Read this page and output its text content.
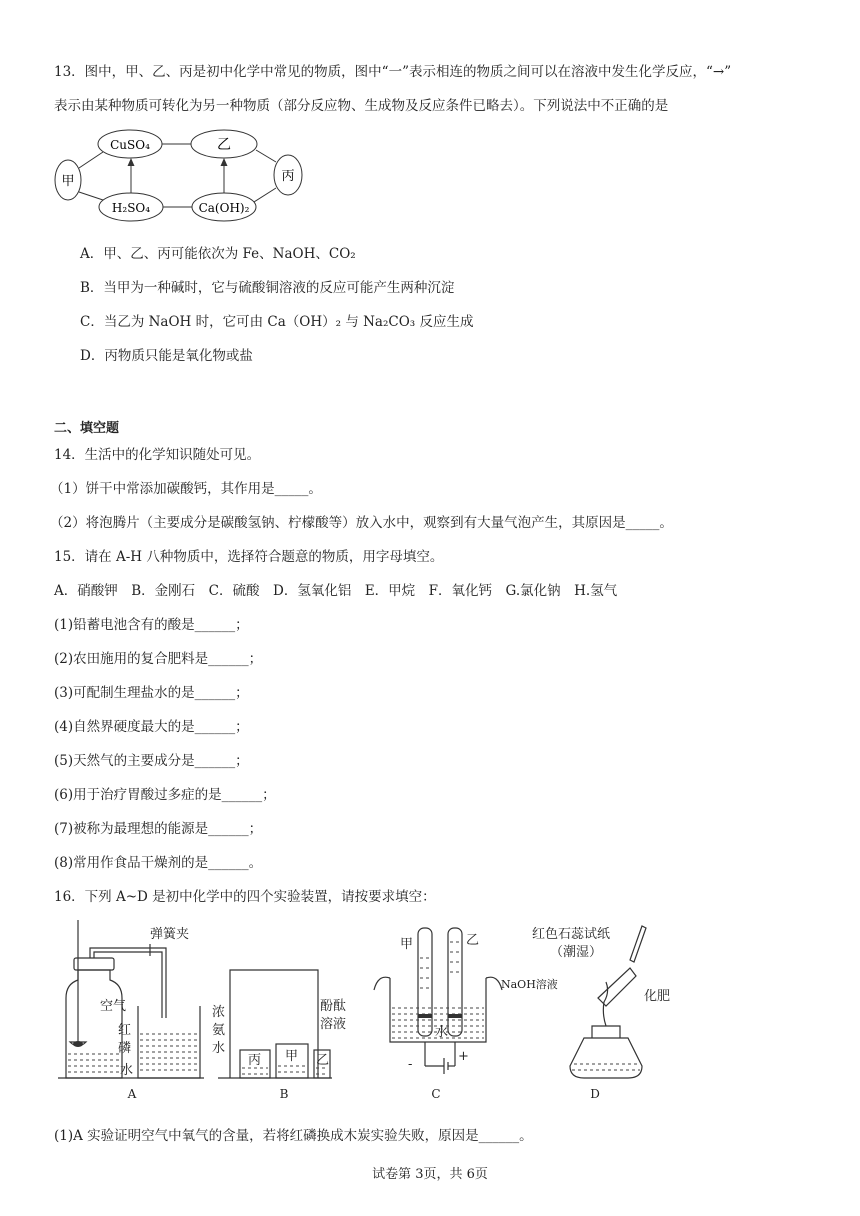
13．图中，甲、乙、丙是初中化学中常见的物质，图中“一”表示相连的物质之间可以在溶液中发生化学反应，“→”
表示由某种物质可转化为另一种物质（部分反应物、生成物及反应条件已略去）。下列说法中不正确的是
甲
CuSO₄	乙
丙
H₂SO₄	Ca(OH)₂
A．甲、乙、丙可能依次为 Fe、NaOH、CO₂
B．当甲为一种碱时，它与硫酸铜溶液的反应可能产生两种沉淀
C．当乙为 NaOH 时，它可由 Ca（OH）₂ 与 Na₂CO₃ 反应生成
D．丙物质只能是氧化物或盐
二、填空题
14．生活中的化学知识随处可见。
（1）饼干中常添加碳酸钙，其作用是_____。
（2）将泡腾片（主要成分是碳酸氢钠、柠檬酸等）放入水中，观察到有大量气泡产生，其原因是_____。
15．请在 A-H 八种物质中，选择符合题意的物质，用字母填空。
A．硝酸钾　B．金刚石　C．硫酸　D．氢氧化铝　E．甲烷　F．氧化钙　G.氯化钠　H.氢气
(1)铅蓄电池含有的酸是______；
(2)农田施用的复合肥料是______；
(3)可配制生理盐水的是______；
(4)自然界硬度最大的是______；
(5)天然气的主要成分是______；
(6)用于治疗胃酸过多症的是______；
(7)被称为最理想的能源是______；
(8)常用作食品干燥剂的是______。
16．下列 A~D 是初中化学中的四个实验装置，请按要求填空：
弹簧夹
空气
红
磷
水
浓
氨
水
酚酞
溶液
丙 甲 乙
甲	乙
水
-
+
红色石蕊试纸
（潮湿）
NaOH溶液
化肥
A	B	C	D
(1)A 实验证明空气中氧气的含量，若将红磷换成木炭实验失败，原因是______。
试卷第 3页，共 6页
